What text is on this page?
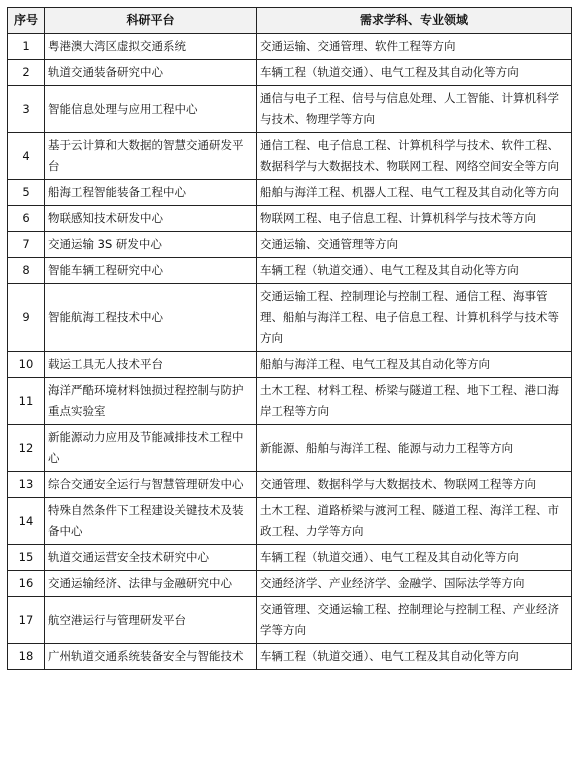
序号	科研平台	需求学科、专业领域
1	粤港澳大湾区虚拟交通系统	交通运输、交通管理、软件工程等方向
2	轨道交通装备研究中心	车辆工程（轨道交通）、电气工程及其自动化等方向
3	智能信息处理与应用工程中心	通信与电子工程、信号与信息处理、人工智能、计算机科学与技术、物理学等方向
4	基于云计算和大数据的智慧交通研发平台	通信工程、电子信息工程、计算机科学与技术、软件工程、数据科学与大数据技术、物联网工程、网络空间安全等方向
5	船海工程智能装备工程中心	船舶与海洋工程、机器人工程、电气工程及其自动化等方向
6	物联感知技术研发中心	物联网工程、电子信息工程、计算机科学与技术等方向
7	交通运输 3S 研发中心	交通运输、交通管理等方向
8	智能车辆工程研究中心	车辆工程（轨道交通）、电气工程及其自动化等方向
9	智能航海工程技术中心	交通运输工程、控制理论与控制工程、通信工程、海事管理、船舶与海洋工程、电子信息工程、计算机科学与技术等方向
10	载运工具无人技术平台	船舶与海洋工程、电气工程及其自动化等方向
11	海洋严酷环境材料蚀损过程控制与防护重点实验室	土木工程、材料工程、桥梁与隧道工程、地下工程、港口海岸工程等方向
12	新能源动力应用及节能减排技术工程中心	新能源、船舶与海洋工程、能源与动力工程等方向
13	综合交通安全运行与智慧管理研发中心	交通管理、数据科学与大数据技术、物联网工程等方向
14	特殊自然条件下工程建设关键技术及装备中心	土木工程、道路桥梁与渡河工程、隧道工程、海洋工程、市政工程、力学等方向
15	轨道交通运营安全技术研究中心	车辆工程（轨道交通）、电气工程及其自动化等方向
16	交通运输经济、法律与金融研究中心	交通经济学、产业经济学、金融学、国际法学等方向
17	航空港运行与管理研发平台	交通管理、交通运输工程、控制理论与控制工程、产业经济学等方向
18	广州轨道交通系统装备安全与智能技术	车辆工程（轨道交通）、电气工程及其自动化等方向
